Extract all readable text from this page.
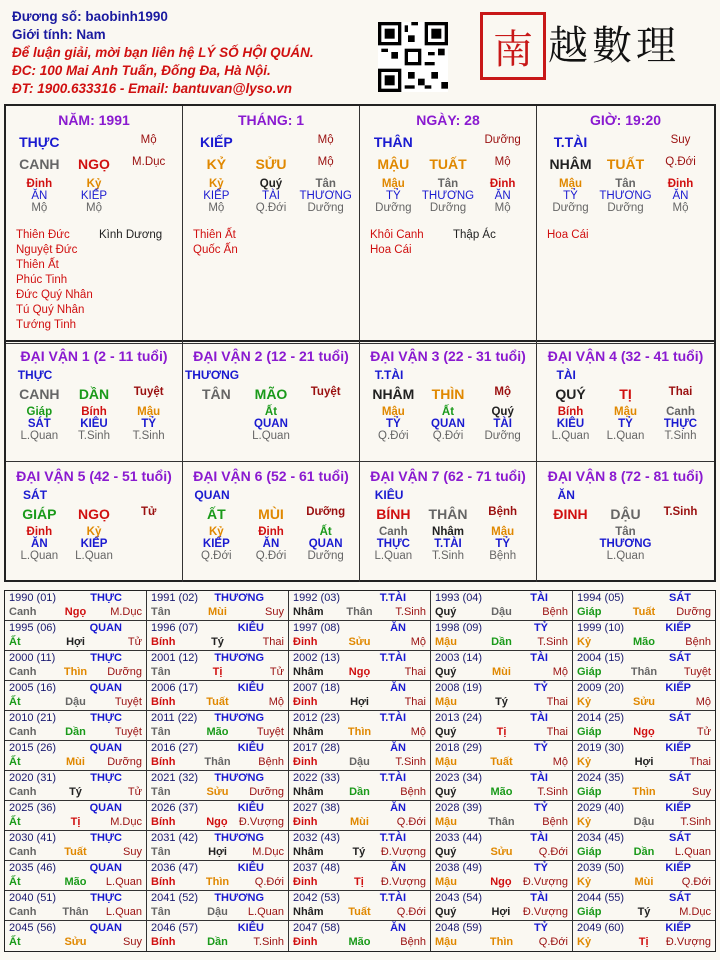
Đương số: baobinh1990
Giới tính: Nam
Để luận giải, mời bạn liên hệ LÝ SỐ HỘI QUÁN.
ĐC: 100 Mai Anh Tuấn, Đống Đa, Hà Nội.
ĐT: 1900.633316 - Email: bantuvan@lyso.vn
南 越數理
NĂM: 1991
THỰC	Mộ
CANH	NGỌ	M.Dục
Đinh	Kỷ
ĂN	KIẾP
Mộ	Mộ
Thiên Đức	Kình Dương
Nguyệt Đức
Thiên Ất
Phúc Tinh
Đức Quý Nhân
Tú Quý Nhân
Tướng Tinh
THÁNG: 1
KIẾP	Mộ
KỶ	SỬU	Mộ
Kỷ	Quý	Tân
KIẾP	TÀI	THƯƠNG
Mộ	Q.Đới	Dưỡng
Thiên Ất
Quốc Ấn
NGÀY: 28
THÂN	Dưỡng
MẬU	TUẤT	Mộ
Mậu	Tân	Đinh
TỶ	THƯƠNG	ĂN
Dưỡng	Dưỡng	Mộ
Khôi Canh	Thập Ác
Hoa Cái
GIỜ: 19:20
T.TÀI	Suy
NHÂM	TUẤT	Q.Đới
Mậu	Tân	Đinh
TỶ	THƯƠNG	ĂN
Dưỡng	Dưỡng	Mộ
Hoa Cái
ĐẠI VẬN 1 (2 - 11 tuổi)
THỰC
CANH	DẦN	Tuyệt
Giáp	Bính	Mậu
SÁT	KIÊU	TỶ
L.Quan	T.Sinh	T.Sinh
ĐẠI VẬN 2 (12 - 21 tuổi)
THƯƠNG
TÂN	MÃO	Tuyệt
Ất
QUAN
L.Quan
ĐẠI VẬN 3 (22 - 31 tuổi)
T.TÀI
NHÂM	THÌN	Mộ
Mậu	Ất	Quý
TỶ	QUAN	TÀI
Q.Đới	Q.Đới	Dưỡng
ĐẠI VẬN 4 (32 - 41 tuổi)
TÀI
QUÝ	TỊ	Thai
Bính	Mậu	Canh
KIÊU	TỶ	THỰC
L.Quan	L.Quan	T.Sinh
ĐẠI VẬN 5 (42 - 51 tuổi)
SÁT
GIÁP	NGỌ	Tử
Đinh	Kỷ
ĂN	KIẾP
L.Quan	L.Quan
ĐẠI VẬN 6 (52 - 61 tuổi)
QUAN
ẤT	MÙI	Dưỡng
Kỷ	Đinh	Ất
KIẾP	ĂN	QUAN
Q.Đới	Q.Đới	Dưỡng
ĐẠI VẬN 7 (62 - 71 tuổi)
KIÊU
BÍNH	THÂN	Bệnh
Canh	Nhâm	Mậu
THỰC	T.TÀI	TỶ
L.Quan	T.Sinh	Bệnh
ĐẠI VẬN 8 (72 - 81 tuổi)
ĂN
ĐINH	DẬU	T.Sinh
Tân
THƯƠNG
L.Quan
1990 (01)	THỰC
Canh	Ngọ	M.Dục
1991 (02) THƯƠNG
Tân	Mùi	Suy
1992 (03)	T.TÀI
Nhâm	Thân	T.Sinh
1993 (04)	TÀI
Quý	Dậu	Bệnh
1994 (05)	SÁT
Giáp	Tuất	Dưỡng
1995 (06)	QUAN
Ất	Hợi	Tử
1996 (07)	KIÊU
Bính	Tý	Thai
1997 (08)	ĂN
Đinh	Sửu	Mộ
1998 (09)	TỶ
Mậu	Dần	T.Sinh
1999 (10)	KIẾP
Kỷ	Mão	Bệnh
2000 (11)	THỰC
Canh	Thìn	Dưỡng
2001 (12) THƯƠNG
Tân	Tị	Tử
2002 (13)	T.TÀI
Nhâm	Ngọ	Thai
2003 (14)	TÀI
Quý	Mùi	Mộ
2004 (15)	SÁT
Giáp	Thân	Tuyệt
2005 (16)	QUAN
Ất	Dậu	Tuyệt
2006 (17)	KIÊU
Bính	Tuất	Mộ
2007 (18)	ĂN
Đinh	Hợi	Thai
2008 (19)	TỶ
Mậu	Tý	Thai
2009 (20)	KIẾP
Kỷ	Sửu	Mộ
2010 (21)	THỰC
Canh	Dần	Tuyệt
2011 (22) THƯƠNG
Tân	Mão	Tuyệt
2012 (23)	T.TÀI
Nhâm	Thìn	Mộ
2013 (24)	TÀI
Quý	Tị	Thai
2014 (25)	SÁT
Giáp	Ngọ	Tử
2015 (26)	QUAN
Ất	Mùi	Dưỡng
2016 (27)	KIÊU
Bính	Thân	Bệnh
2017 (28)	ĂN
Đinh	Dậu	T.Sinh
2018 (29)	TỶ
Mậu	Tuất	Mộ
2019 (30)	KIẾP
Kỷ	Hợi	Thai
2020 (31)	THỰC
Canh	Tý	Tử
2021 (32) THƯƠNG
Tân	Sửu	Dưỡng
2022 (33)	T.TÀI
Nhâm	Dần	Bệnh
2023 (34)	TÀI
Quý	Mão	T.Sinh
2024 (35)	SÁT
Giáp	Thìn	Suy
2025 (36)	QUAN
Ất	Tị	M.Dục
2026 (37)	KIÊU
Bính	Ngọ	Đ.Vượng
2027 (38)	ĂN
Đinh	Mùi	Q.Đới
2028 (39)	TỶ
Mậu	Thân	Bệnh
2029 (40)	KIẾP
Kỷ	Dậu	T.Sinh
2030 (41)	THỰC
Canh	Tuất	Suy
2031 (42) THƯƠNG
Tân	Hợi	M.Dục
2032 (43)	T.TÀI
Nhâm	Tý	Đ.Vượng
2033 (44)	TÀI
Quý	Sửu	Q.Đới
2034 (45)	SÁT
Giáp	Dần	L.Quan
2035 (46)	QUAN
Ất	Mão	L.Quan
2036 (47)	KIÊU
Bính	Thìn	Q.Đới
2037 (48)	ĂN
Đinh	Tị	Đ.Vượng
2038 (49)	TỶ
Mậu	Ngọ	Đ.Vượng
2039 (50)	KIẾP
Kỷ	Mùi	Q.Đới
2040 (51)	THỰC
Canh	Thân	L.Quan
2041 (52) THƯƠNG
Tân	Dậu	L.Quan
2042 (53)	T.TÀI
Nhâm	Tuất	Q.Đới
2043 (54)	TÀI
Quý	Hợi	Đ.Vượng
2044 (55)	SÁT
Giáp	Tý	M.Dục
2045 (56)	QUAN
Ất	Sửu	Suy
2046 (57)	KIÊU
Bính	Dần	T.Sinh
2047 (58)	ĂN
Đinh	Mão	Bệnh
2048 (59)	TỶ
Mậu	Thìn	Q.Đới
2049 (60)	KIẾP
Kỷ	Tị	Đ.Vượng
